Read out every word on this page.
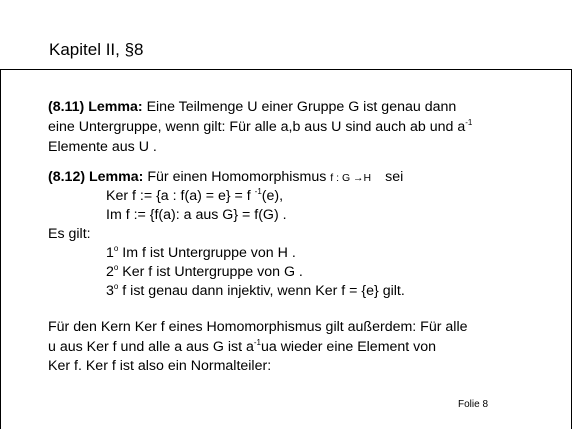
Kapitel II, §8
(8.11) Lemma: Eine Teilmenge U einer Gruppe G ist genau dann
eine Untergruppe, wenn gilt: Für alle a,b aus U sind auch ab und $a^{-1}$
Elemente aus U .
(8.12) Lemma: Für einen Homomorphismus f : G →H sei
Ker f := {a : f(a) = e} = f $^{-1}$(e),
Im f := {f(a): a aus G} = f(G) .
Es gilt:
1$^o$ Im f ist Untergruppe von H .
2$^o$ Ker f ist Untergruppe von G .
3$^o$ f ist genau dann injektiv, wenn Ker f = {e} gilt.
Für den Kern Ker f eines Homomorphismus gilt außerdem: Für alle
u aus Ker f und alle a aus G ist $a^{-1}ua$ wieder eine Element von
Ker f. Ker f ist also ein Normalteiler:
Folie 8
